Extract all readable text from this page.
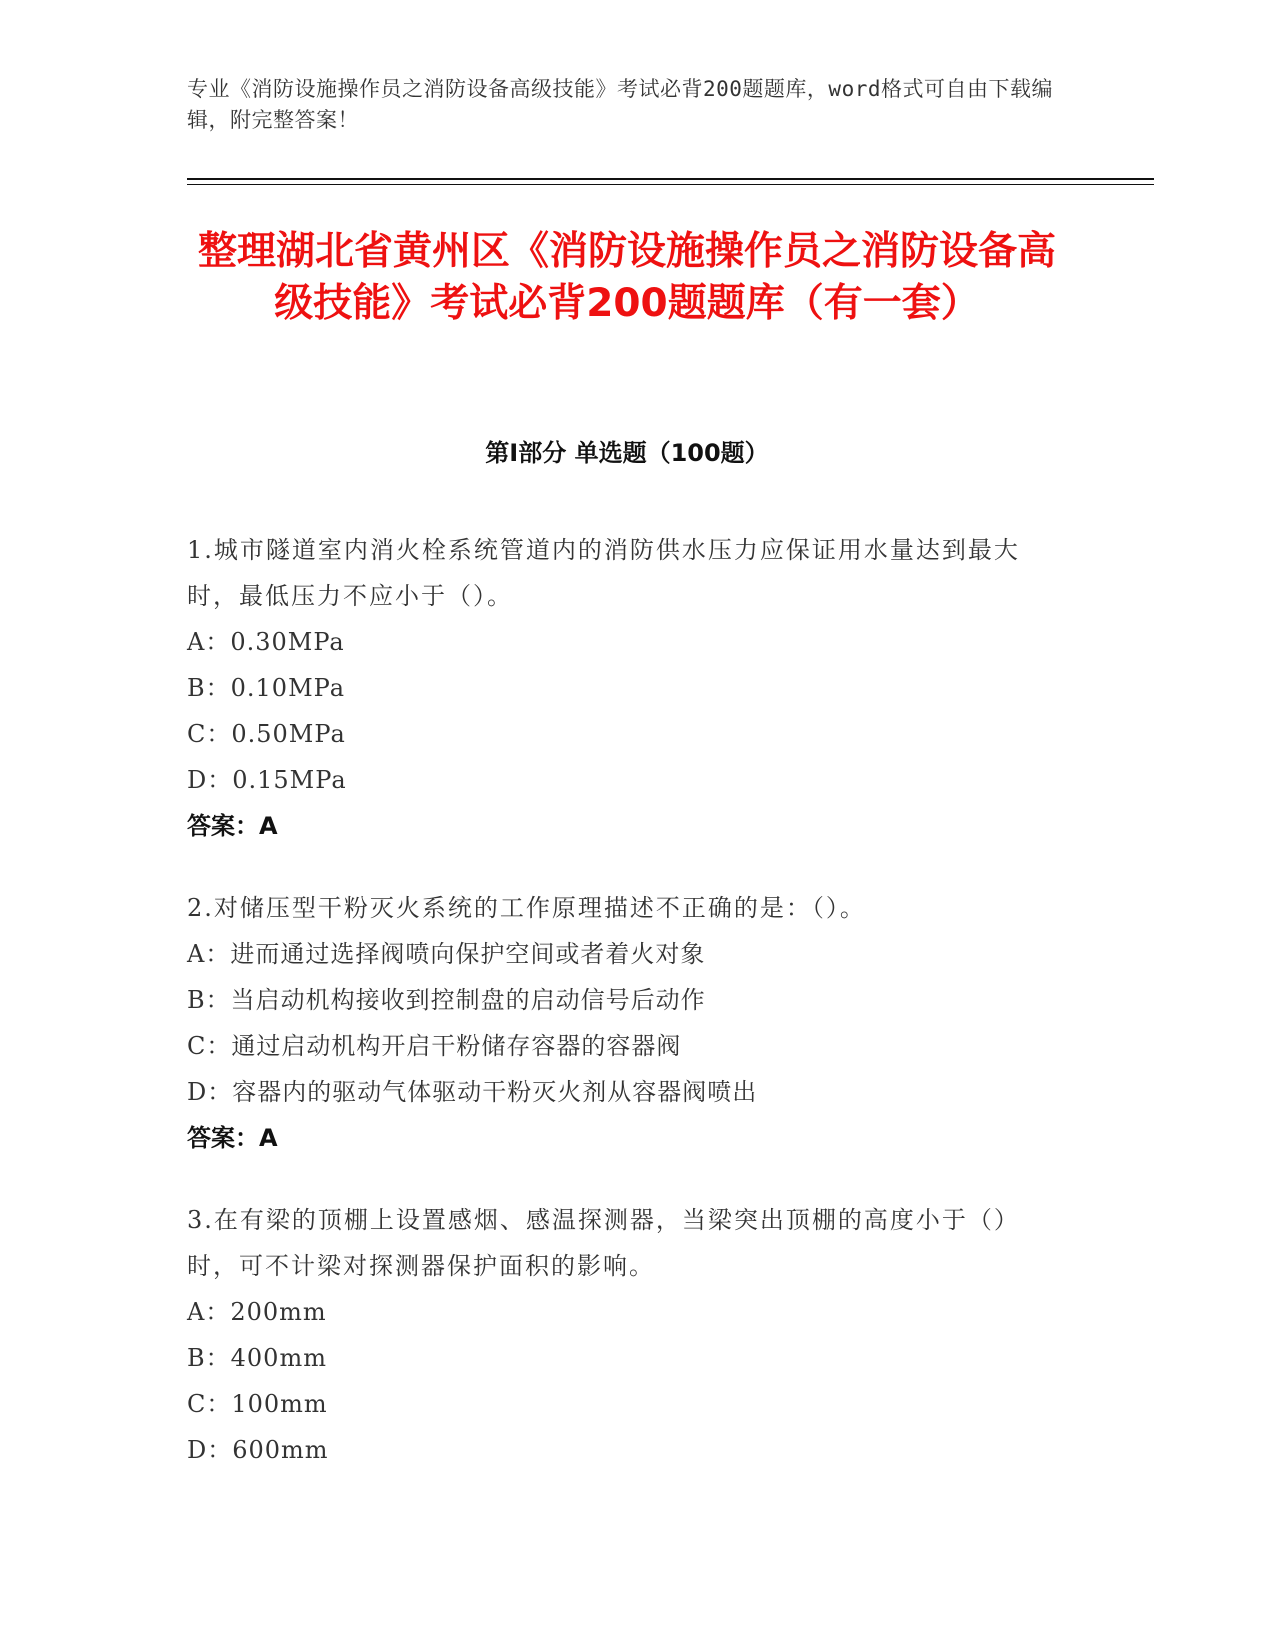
专业《消防设施操作员之消防设备高级技能》考试必背200题题库，word格式可自由下载编辑，附完整答案！
整理湖北省黄州区《消防设施操作员之消防设备高级技能》考试必背200题题库（有一套）
第I部分 单选题（100题）

1.城市隧道室内消火栓系统管道内的消防供水压力应保证用水量达到最大时，最低压力不应小于（）。

A：0.30MPa

B：0.10MPa

C：0.50MPa

D：0.15MPa

答案：A

2.对储压型干粉灭火系统的工作原理描述不正确的是：（）。

A：进而通过选择阀喷向保护空间或者着火对象

B：当启动机构接收到控制盘的启动信号后动作

C：通过启动机构开启干粉储存容器的容器阀

D：容器内的驱动气体驱动干粉灭火剂从容器阀喷出

答案：A

3.在有梁的顶棚上设置感烟、感温探测器，当梁突出顶棚的高度小于（）时，可不计梁对探测器保护面积的影响。

A：200mm

B：400mm

C：100mm

D：600mm
